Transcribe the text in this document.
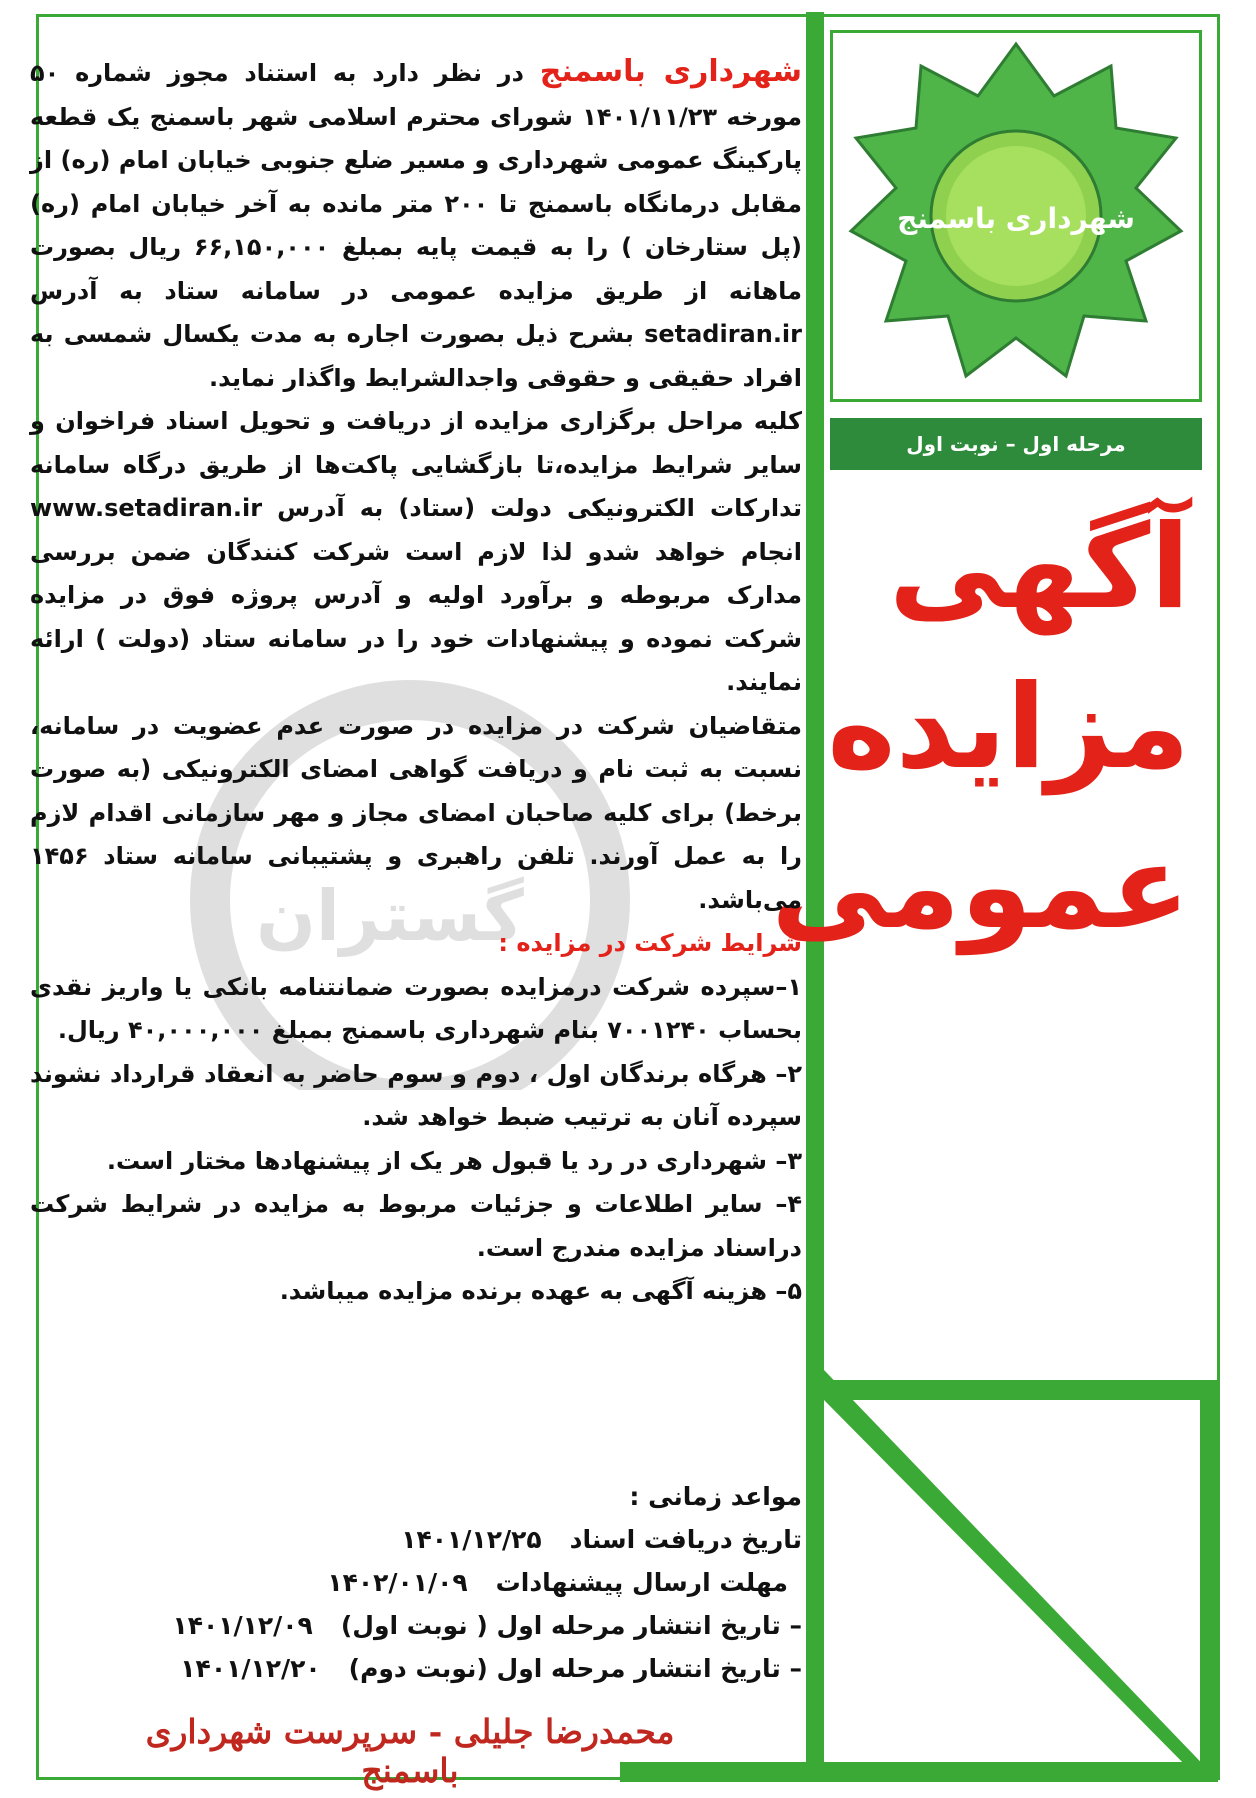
گستران
شهرداری باسمنج
مرحله اول – نوبت اول
آگهی
مزایده
عمومی

شهرداری باسمنج در نظر دارد به استناد مجوز شماره ۵۰ مورخه ۱۴۰۱/۱۱/۲۳ شورای محترم اسلامی شهر باسمنج یک قطعه پارکینگ عمومی شهرداری و مسیر ضلع جنوبی خیابان امام (ره) از مقابل درمانگاه باسمنج تا ۲۰۰ متر مانده به آخر خیابان امام (ره) (پل ستارخان ) را به قیمت پایه بمبلغ ۶۶,۱۵۰,۰۰۰ ریال بصورت ماهانه از طریق مزایده عمومی در سامانه ستاد به آدرس setadiran.ir بشرح ذیل بصورت اجاره به مدت یکسال شمسی به افراد حقیقی و حقوقی واجدالشرایط واگذار نماید.

کلیه مراحل برگزاری مزایده از دریافت و تحویل اسناد فراخوان و سایر شرایط مزایده،تا بازگشایی پاکت‌ها از طریق درگاه سامانه تدارکات الکترونیکی دولت (ستاد) به آدرس www.setadiran.ir انجام خواهد شدو لذا لازم است شرکت کنندگان ضمن بررسی مدارک مربوطه و برآورد اولیه و آدرس پروژه فوق در مزایده شرکت نموده و پیشنهادات خود را در سامانه ستاد (دولت ) ارائه نمایند.

متقاضیان شرکت در مزایده در صورت عدم عضویت در سامانه، نسبت به ثبت نام و دریافت گواهی امضای الکترونیکی (به صورت برخط) برای کلیه صاحبان امضای مجاز و مهر سازمانی اقدام لازم را به عمل آورند. تلفن راهبری و پشتیبانی سامانه ستاد ۱۴۵۶ می‌باشد.

شرایط شرکت در مزایده :

۱–سپرده شرکت درمزایده بصورت ضمانتنامه بانکی یا واریز نقدی بحساب ۷۰۰۱۲۴۰ بنام شهرداری باسمنج بمبلغ ۴۰,۰۰۰,۰۰۰ ریال.

۲– هرگاه برندگان اول ، دوم و سوم حاضر به انعقاد قرارداد نشوند سپرده آنان به ترتیب ضبط خواهد شد.

۳– شهرداری در رد یا قبول هر یک از پیشنهادها مختار است.

۴– سایر اطلاعات و جزئیات مربوط به مزایده در شرایط شرکت دراسناد مزایده مندرج است.

۵– هزینه آگهی به عهده برنده مزایده میباشد.

مواعد زمانی :
تاریخ دریافت اسناد
۱۴۰۱/۱۲/۲۵
مهلت ارسال پیشنهادات
۱۴۰۲/۰۱/۰۹
– تاریخ انتشار مرحله اول ( نوبت اول)
۱۴۰۱/۱۲/۰۹
– تاریخ انتشار مرحله اول (نوبت دوم)
۱۴۰۱/۱۲/۲۰
محمدرضا جلیلی - سرپرست شهرداری باسمنج
